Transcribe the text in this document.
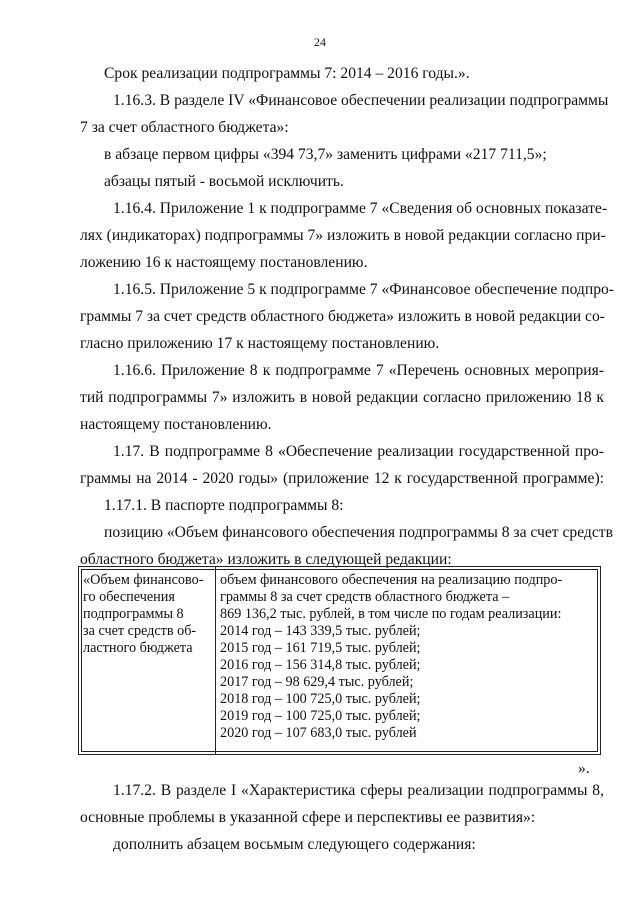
24
Срок реализации подпрограммы 7: 2014 – 2016 годы.».
1.16.3. В разделе IV «Финансовое обеспечении реализации подпрограммы
7 за счет областного бюджета»:
в абзаце первом цифры «394 73,7» заменить цифрами «217 711,5»;
абзацы пятый - восьмой исключить.
1.16.4. Приложение 1 к подпрограмме 7 «Сведения об основных показате-
лях (индикаторах) подпрограммы 7» изложить в новой редакции согласно при-
ложению 16 к настоящему постановлению.
1.16.5. Приложение 5 к подпрограмме 7 «Финансовое обеспечение подпро-
граммы 7 за счет средств областного бюджета» изложить в новой редакции со-
гласно приложению 17 к настоящему постановлению.
1.16.6. Приложение 8 к подпрограмме 7 «Перечень основных мероприя-
тий подпрограммы 7» изложить в новой редакции согласно приложению 18 к
настоящему постановлению.
1.17. В подпрограмме 8 «Обеспечение реализации государственной про-
граммы на 2014 - 2020 годы» (приложение 12 к государственной программе):
1.17.1. В паспорте подпрограммы 8:
позицию «Объем финансового обеспечения подпрограммы 8 за счет средств
областного бюджета» изложить в следующей редакции:
«Объем финансово-
го обеспечения
подпрограммы 8
за счет средств об-
ластного бюджета
объем финансового обеспечения на реализацию подпро-
граммы 8 за счет средств областного бюджета –
869 136,2 тыс. рублей, в том числе по годам реализации:
2014 год – 143 339,5 тыс. рублей;
2015 год – 161 719,5 тыс. рублей;
2016 год – 156 314,8 тыс. рублей;
2017 год – 98 629,4 тыс. рублей;
2018 год – 100 725,0 тыс. рублей;
2019 год – 100 725,0 тыс. рублей;
2020 год – 107 683,0 тыс. рублей
».
1.17.2. В разделе I «Характеристика сферы реализации подпрограммы 8,
основные проблемы в указанной сфере и перспективы ее развития»:
дополнить абзацем восьмым следующего содержания:
